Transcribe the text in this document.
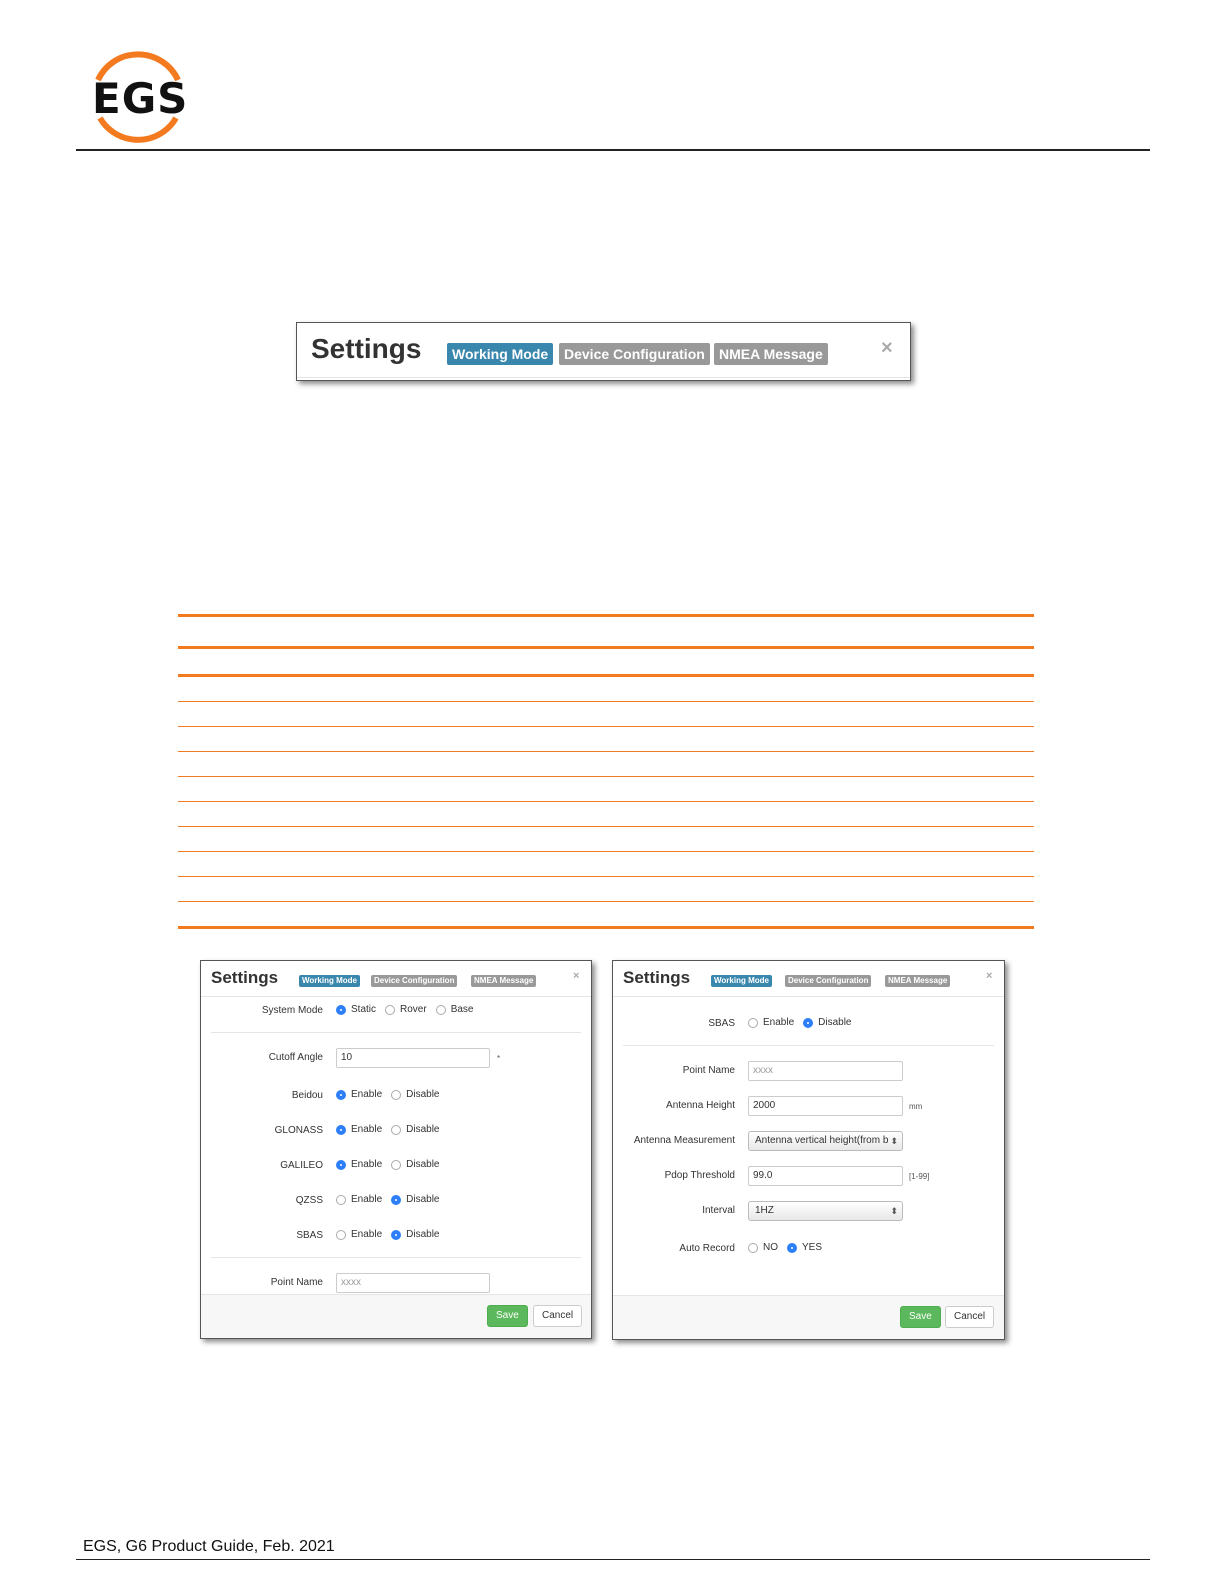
EGS
Settings	Working Mode	Device Configuration	NMEA Message	×
Settings	Working Mode	Device Configuration	NMEA Message	×
System Mode	Static Rover Base
Cutoff Angle	10	*
Beidou	Enable Disable
GLONASS	Enable Disable
GALILEO	Enable Disable
QZSS	Enable Disable
SBAS	Enable Disable
Point Name	xxxx
Save	Cancel
Settings	Working Mode	Device Configuration	NMEA Message	×
SBAS	Enable Disable
Point Name	xxxx
Antenna Height	2000	mm
Antenna Measurement	Antenna vertical height(from b ⬍
Pdop Threshold	99.0	[1-99]
Interval	1HZ	⬍
Auto Record	NO YES
Save	Cancel
EGS, G6 Product Guide, Feb. 2021
